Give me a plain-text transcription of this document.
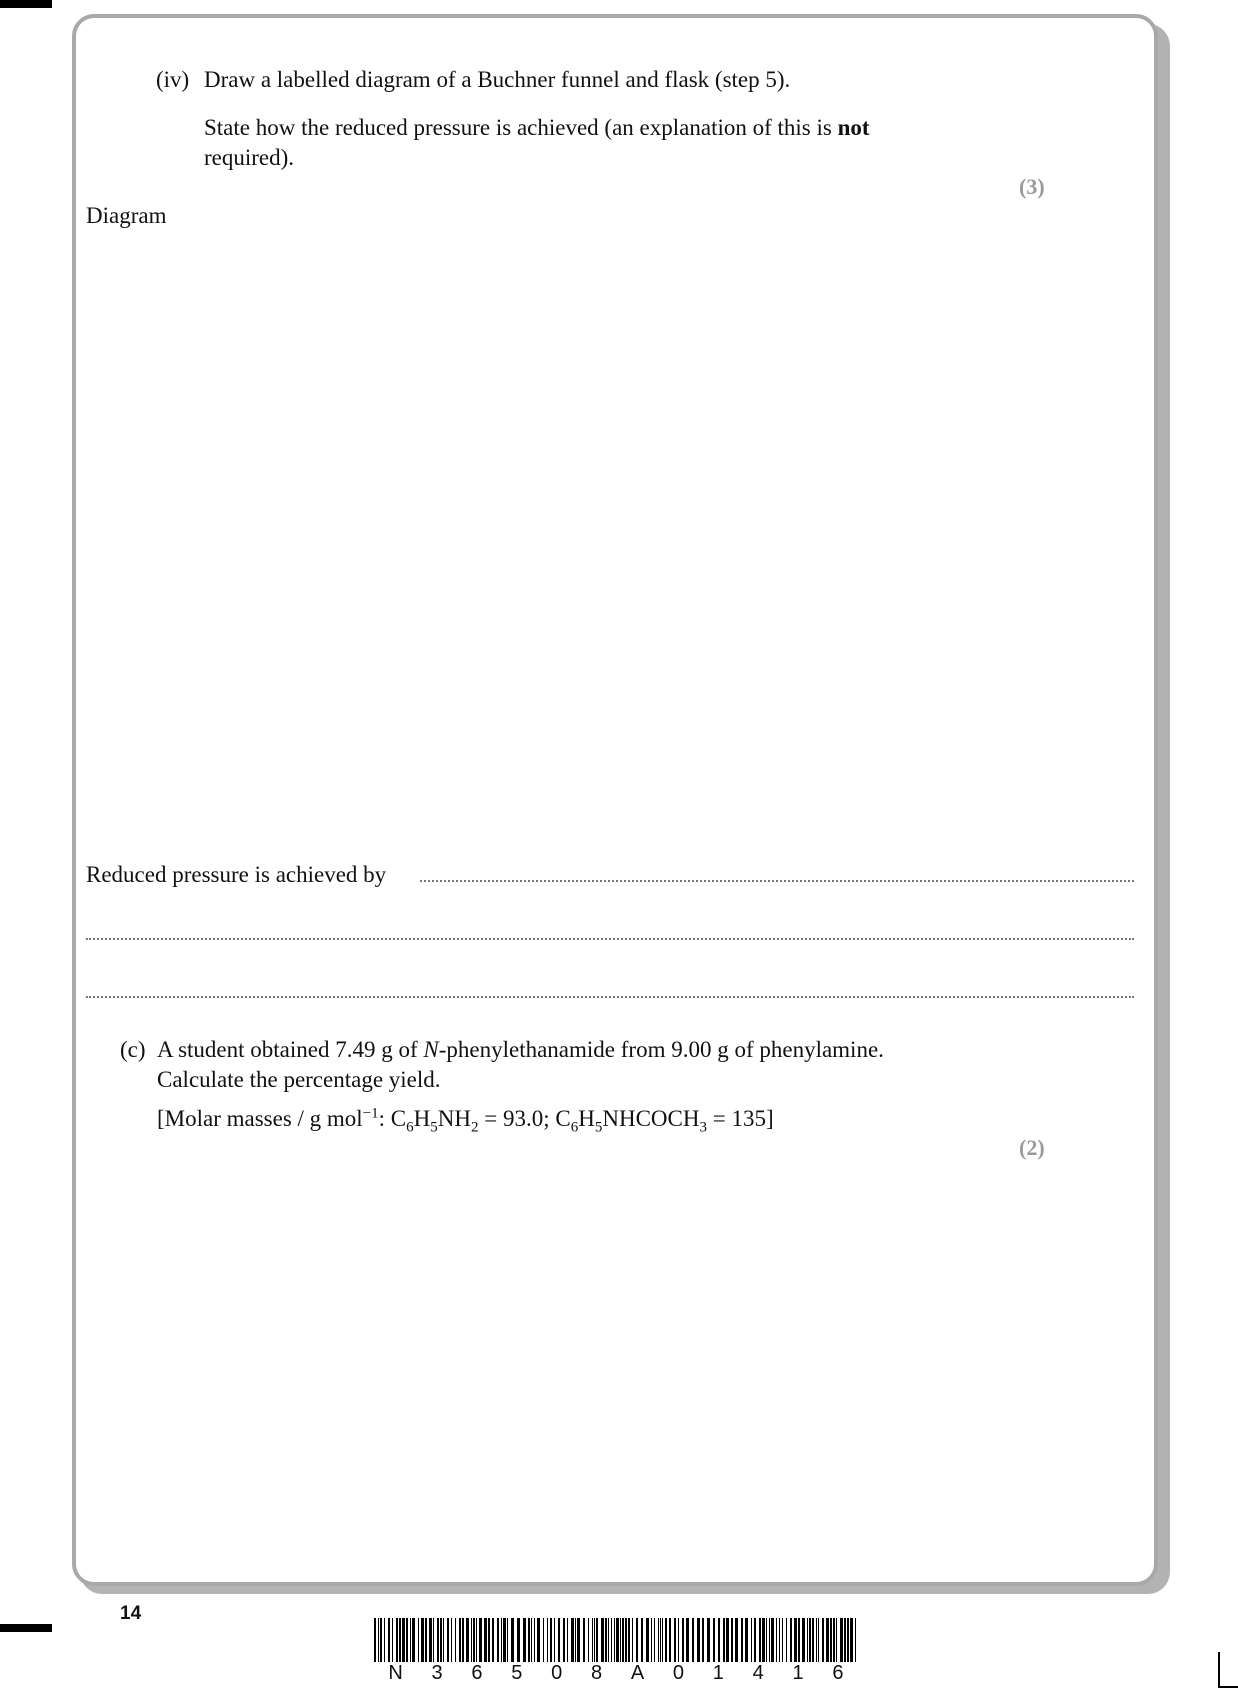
(iv) Draw a labelled diagram of a Buchner funnel and flask (step 5).
State how the reduced pressure is achieved (an explanation of this is not
required).
(3)
Diagram
Reduced pressure is achieved by
(c) A student obtained 7.49 g of N-phenylethanamide from 9.00 g of phenylamine.
Calculate the percentage yield.
[Molar masses / g mol$^{-1}$: $C_6H_5NH_2 = 93.0$; $C_6H_5NHCOCH_3 = 135$]
(2)
14
N 3 6 5 0 8 A 0 1 4 1 6
